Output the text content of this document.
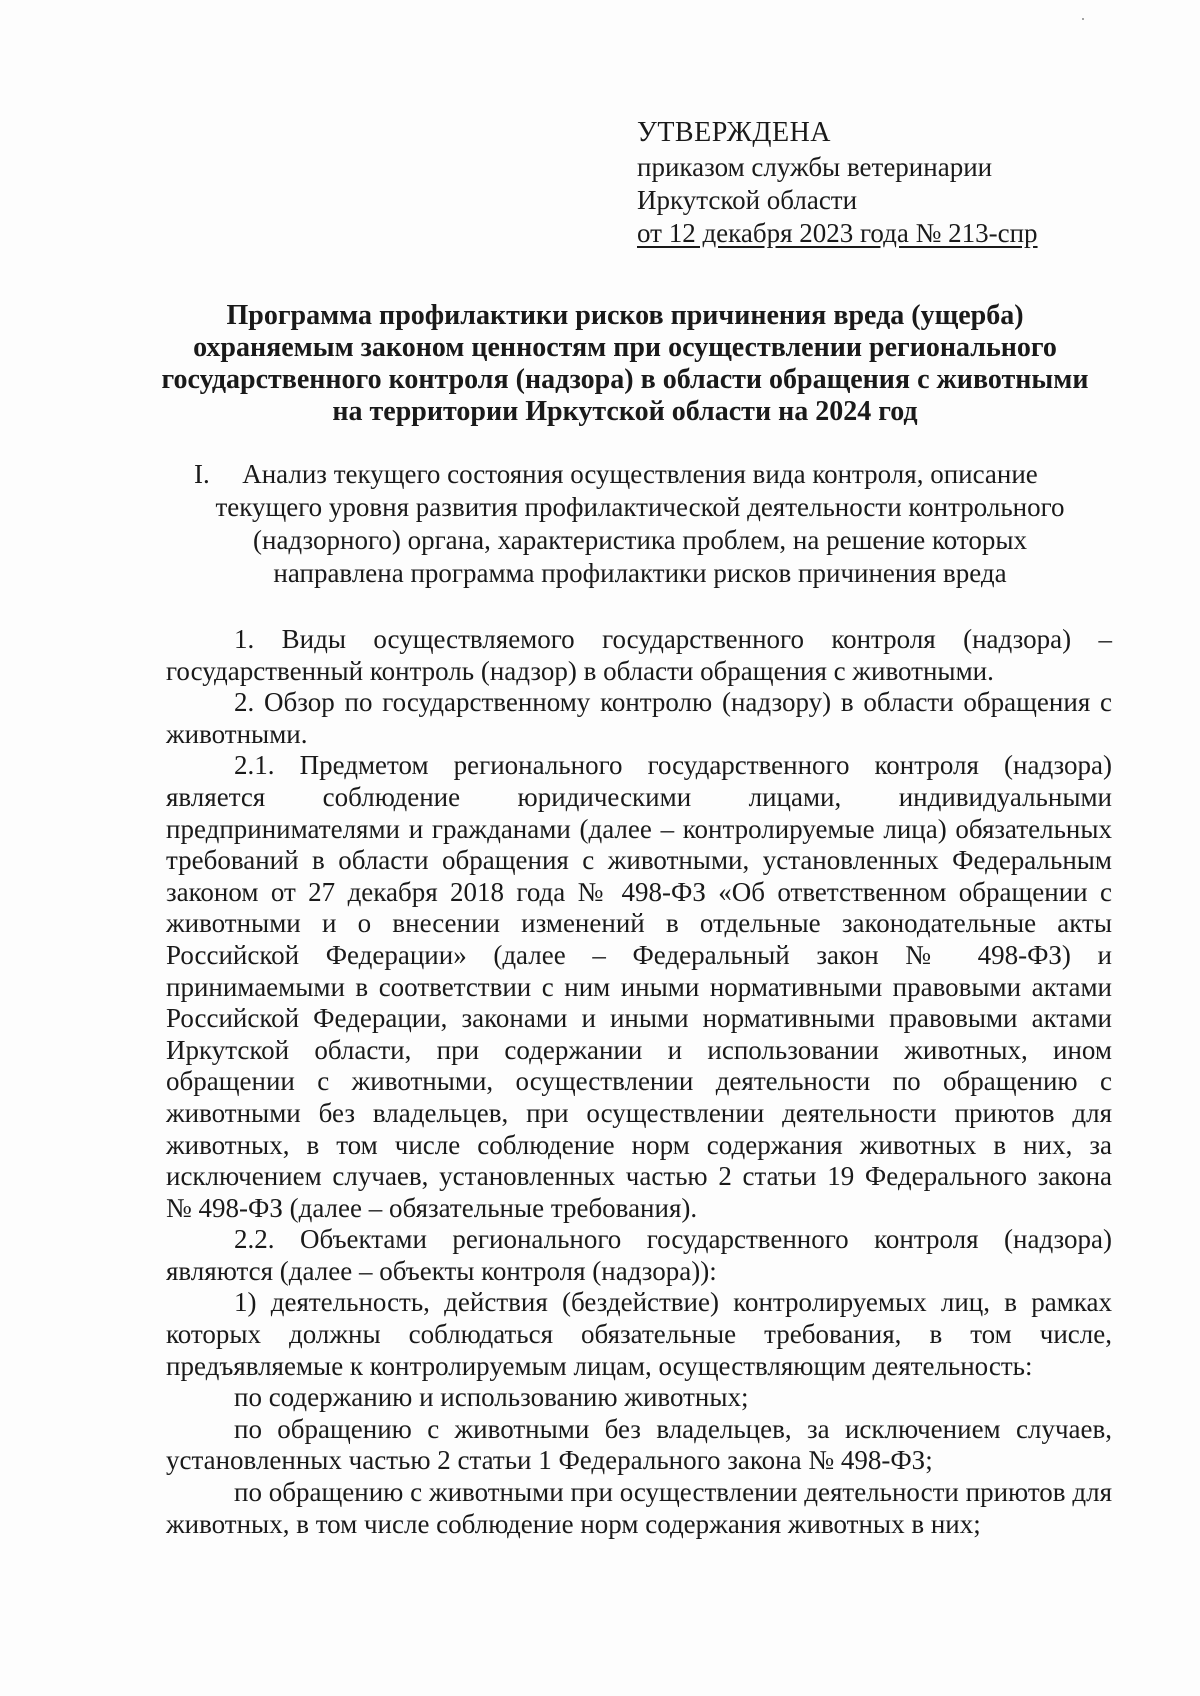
УТВЕРЖДЕНА
приказом службы ветеринарии
Иркутской области
от 12 декабря 2023 года № 213-спр
Программа профилактики рисков причинения вреда (ущерба)
охраняемым законом ценностям при осуществлении регионального
государственного контроля (надзора) в области обращения с животными
на территории Иркутской области на 2024 год
I.	Анализ текущего состояния осуществления вида контроля, описание
текущего уровня развития профилактической деятельности контрольного
(надзорного) органа, характеристика проблем, на решение которых
направлена программа профилактики рисков причинения вреда

1. Виды осуществляемого государственного контроля (надзора) – государственный контроль (надзор) в области обращения с животными.

2. Обзор по государственному контролю (надзору) в области обращения с животными.

2.1. Предметом регионального государственного контроля (надзора) является соблюдение юридическими лицами, индивидуальными предпринимателями и гражданами (далее – контролируемые лица) обязательных требований в области обращения с животными, установленных Федеральным законом от 27 декабря 2018 года № 498-ФЗ «Об ответственном обращении с животными и о внесении изменений в отдельные законодательные акты Российской Федерации» (далее – Федеральный закон № 498-ФЗ) и принимаемыми в соответствии с ним иными нормативными правовыми актами Российской Федерации, законами и иными нормативными правовыми актами Иркутской области, при содержании и использовании животных, ином обращении с животными, осуществлении деятельности по обращению с животными без владельцев, при осуществлении деятельности приютов для животных, в том числе соблюдение норм содержания животных в них, за исключением случаев, установленных частью 2 статьи 19 Федерального закона № 498-ФЗ (далее – обязательные требования).

2.2. Объектами регионального государственного контроля (надзора) являются (далее – объекты контроля (надзора)):

1) деятельность, действия (бездействие) контролируемых лиц, в рамках которых должны соблюдаться обязательные требования, в том числе, предъявляемые к контролируемым лицам, осуществляющим деятельность:

по содержанию и использованию животных;

по обращению с животными без владельцев, за исключением случаев, установленных частью 2 статьи 1 Федерального закона № 498-ФЗ;

по обращению с животными при осуществлении деятельности приютов для животных, в том числе соблюдение норм содержания животных в них;
